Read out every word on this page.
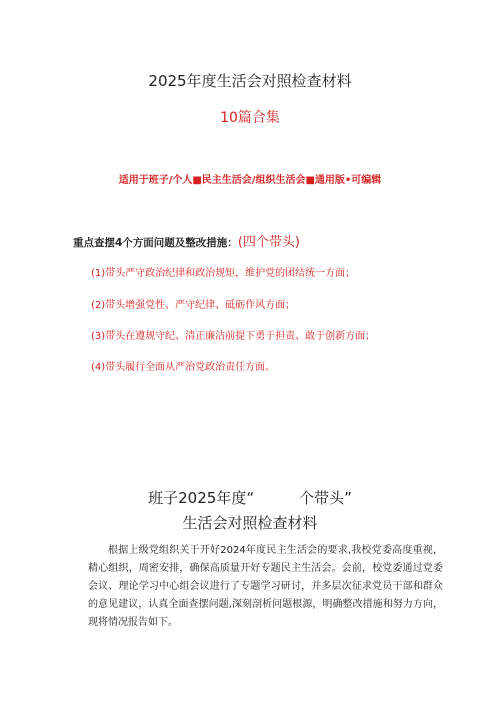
2025年度生活会对照检查材料
10篇合集
适用于班子/个人■民主生活会/组织生活会■通用版•可编辑
重点查摆4个方面问题及整改措施：(四个带头)
(1)带头严守政治纪律和政治规矩，维护党的团结统一方面；
(2)带头增强党性、严守纪律、砥砺作风方面；
(3)带头在遵规守纪、清正廉洁前提下勇于担责、敢于创新方面；
(4)带头履行全面从严治党政治责任方面。
班子2025年度“　　　个带头”
生活会对照检查材料
根据上级党组织关于开好2024年度民主生活会的要求,我校党委高度重视，精心组织，周密安排，确保高质量开好专题民主生活会。会前，校党委通过党委会议、理论学习中心组会议进行了专题学习研讨，并多层次征求党员干部和群众的意见建议，认真全面查摆问题,深刻剖析问题根源，明确整改措施和努力方向，现将情况报告如下。
